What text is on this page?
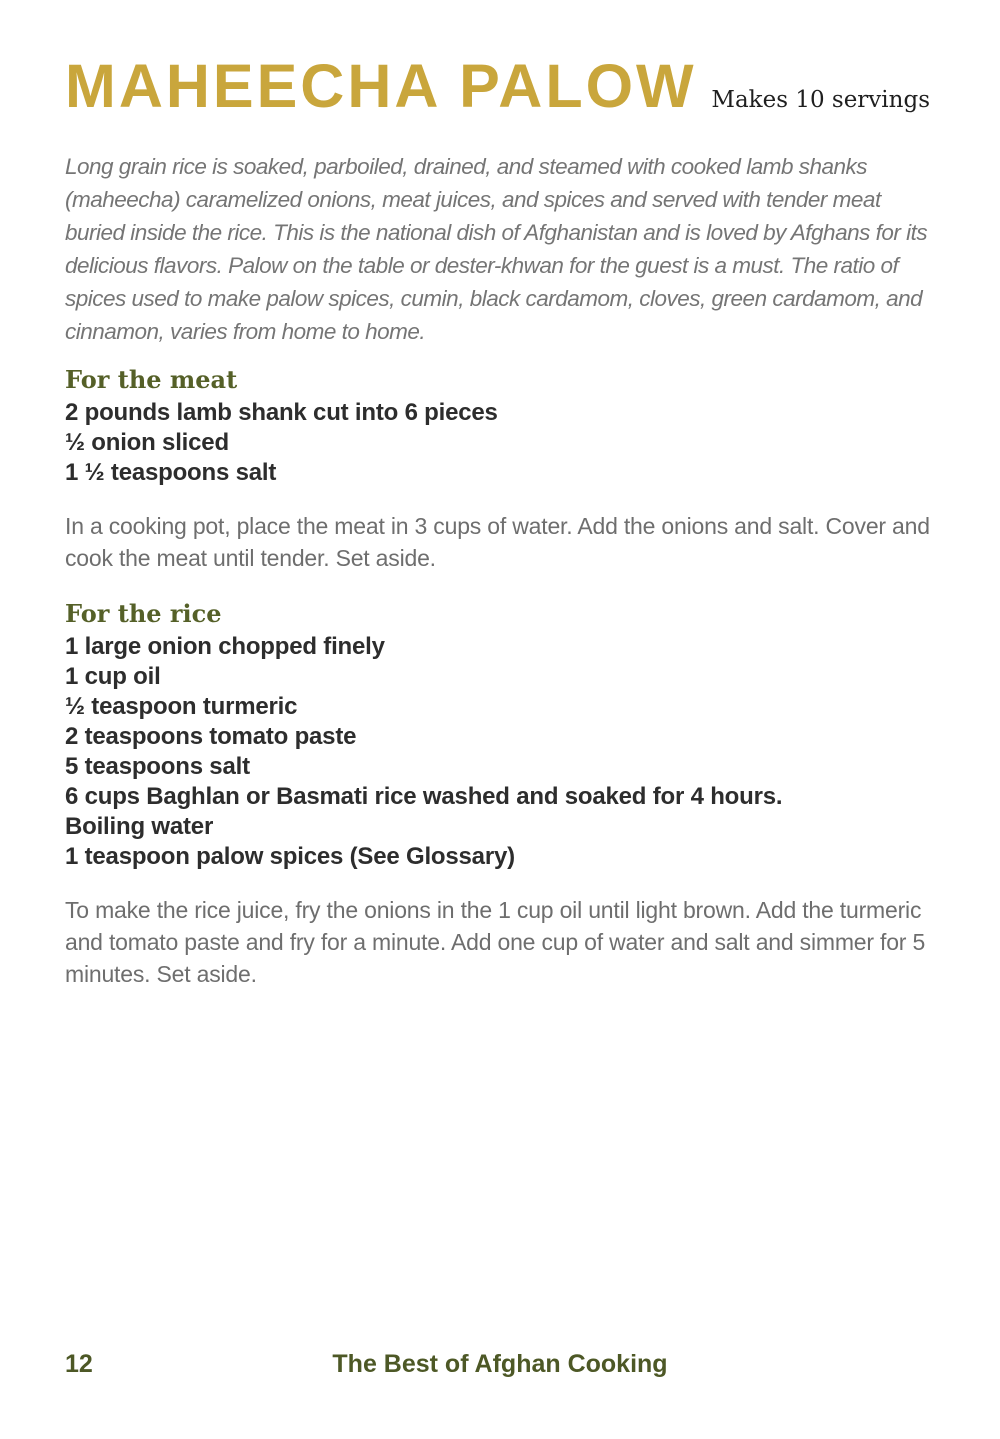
MAHEECHA PALOW Makes 10 servings

Long grain rice is soaked, parboiled, drained, and steamed with cooked lamb shanks (maheecha) caramelized onions, meat juices, and spices and served with tender meat buried inside the rice. This is the national dish of Afghanistan and is loved by Afghans for its delicious flavors. Palow on the table or dester-khwan for the guest is a must. The ratio of spices used to make palow spices, cumin, black cardamom, cloves, green cardamom, and cinnamon, varies from home to home.

For the meat
2 pounds lamb shank cut into 6 pieces
½ onion sliced
1 ½ teaspoons salt

In a cooking pot, place the meat in 3 cups of water. Add the onions and salt. Cover and cook the meat until tender. Set aside.

For the rice
1 large onion chopped finely
1 cup oil
½ teaspoon turmeric
2 teaspoons tomato paste
5 teaspoons salt
6 cups Baghlan or Basmati rice washed and soaked for 4 hours.
Boiling water
1 teaspoon palow spices (See Glossary)

To make the rice juice, fry the onions in the 1 cup oil until light brown. Add the turmeric and tomato paste and fry for a minute. Add one cup of water and salt and simmer for 5 minutes. Set aside.

12	The Best of Afghan Cooking
